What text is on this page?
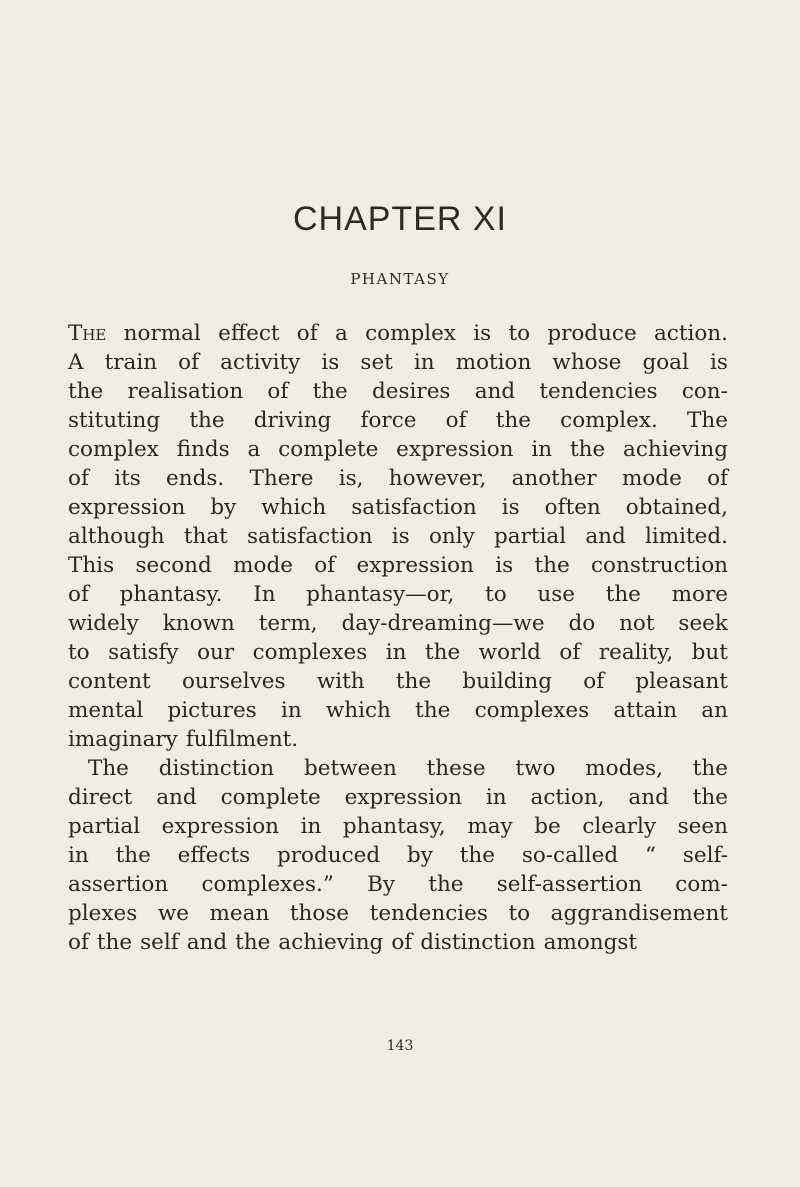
CHAPTER XI
PHANTASY
The normal effect of a complex is to produce action.
A train of activity is set in motion whose goal is
the realisation of the desires and tendencies con-
stituting the driving force of the complex. The
complex finds a complete expression in the achieving
of its ends. There is, however, another mode of
expression by which satisfaction is often obtained,
although that satisfaction is only partial and limited.
This second mode of expression is the construction
of phantasy. In phantasy—or, to use the more
widely known term, day-dreaming—we do not seek
to satisfy our complexes in the world of reality, but
content ourselves with the building of pleasant
mental pictures in which the complexes attain an
imaginary fulfilment.
The distinction between these two modes, the
direct and complete expression in action, and the
partial expression in phantasy, may be clearly seen
in the effects produced by the so-called “ self-
assertion complexes.” By the self-assertion com-
plexes we mean those tendencies to aggrandisement
of the self and the achieving of distinction amongst
143
